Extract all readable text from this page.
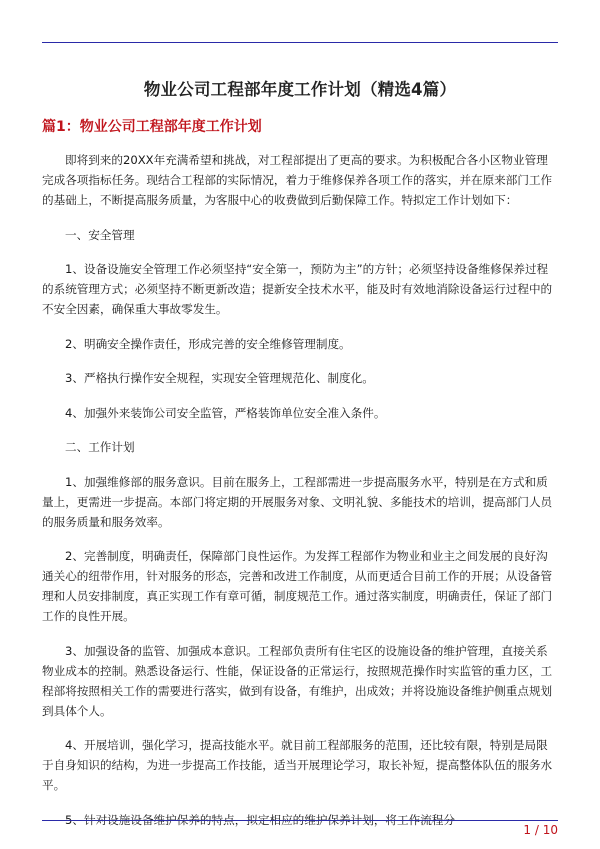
物业公司工程部年度工作计划（精选4篇）
篇1：物业公司工程部年度工作计划

即将到来的20XX年充满希望和挑战，对工程部提出了更高的要求。为积极配合各小区物业管理完成各项指标任务。现结合工程部的实际情况，着力于维修保养各项工作的落实，并在原来部门工作的基础上，不断提高服务质量，为客服中心的收费做到后勤保障工作。特拟定工作计划如下：

一、安全管理

1、设备设施安全管理工作必须坚持“安全第一，预防为主”的方针；必须坚持设备维修保养过程的系统管理方式；必须坚持不断更新改造；提新安全技术水平，能及时有效地消除设备运行过程中的不安全因素，确保重大事故零发生。

2、明确安全操作责任，形成完善的安全维修管理制度。

3、严格执行操作安全规程，实现安全管理规范化、制度化。

4、加强外来装饰公司安全监管，严格装饰单位安全准入条件。

二、工作计划

1、加强维修部的服务意识。目前在服务上，工程部需进一步提高服务水平，特别是在方式和质量上，更需进一步提高。本部门将定期的开展服务对象、文明礼貌、多能技术的培训，提高部门人员的服务质量和服务效率。

2、完善制度，明确责任，保障部门良性运作。为发挥工程部作为物业和业主之间发展的良好沟通关心的纽带作用，针对服务的形态，完善和改进工作制度，从而更适合目前工作的开展；从设备管理和人员安排制度，真正实现工作有章可循，制度规范工作。通过落实制度，明确责任，保证了部门工作的良性开展。

3、加强设备的监管、加强成本意识。工程部负责所有住宅区的设施设备的维护管理，直接关系物业成本的控制。熟悉设备运行、性能，保证设备的正常运行，按照规范操作时实监管的重力区，工程部将按照相关工作的需要进行落实，做到有设备，有维护，出成效；并将设施设备维护侧重点规划到具体个人。

4、开展培训，强化学习，提高技能水平。就目前工程部服务的范围，还比较有限，特别是局限于自身知识的结构，为进一步提高工作技能，适当开展理论学习，取长补短，提高整体队伍的服务水平。

5、针对设施设备维护保养的特点，拟定相应的维护保养计划，将工作流程分

1 / 10
